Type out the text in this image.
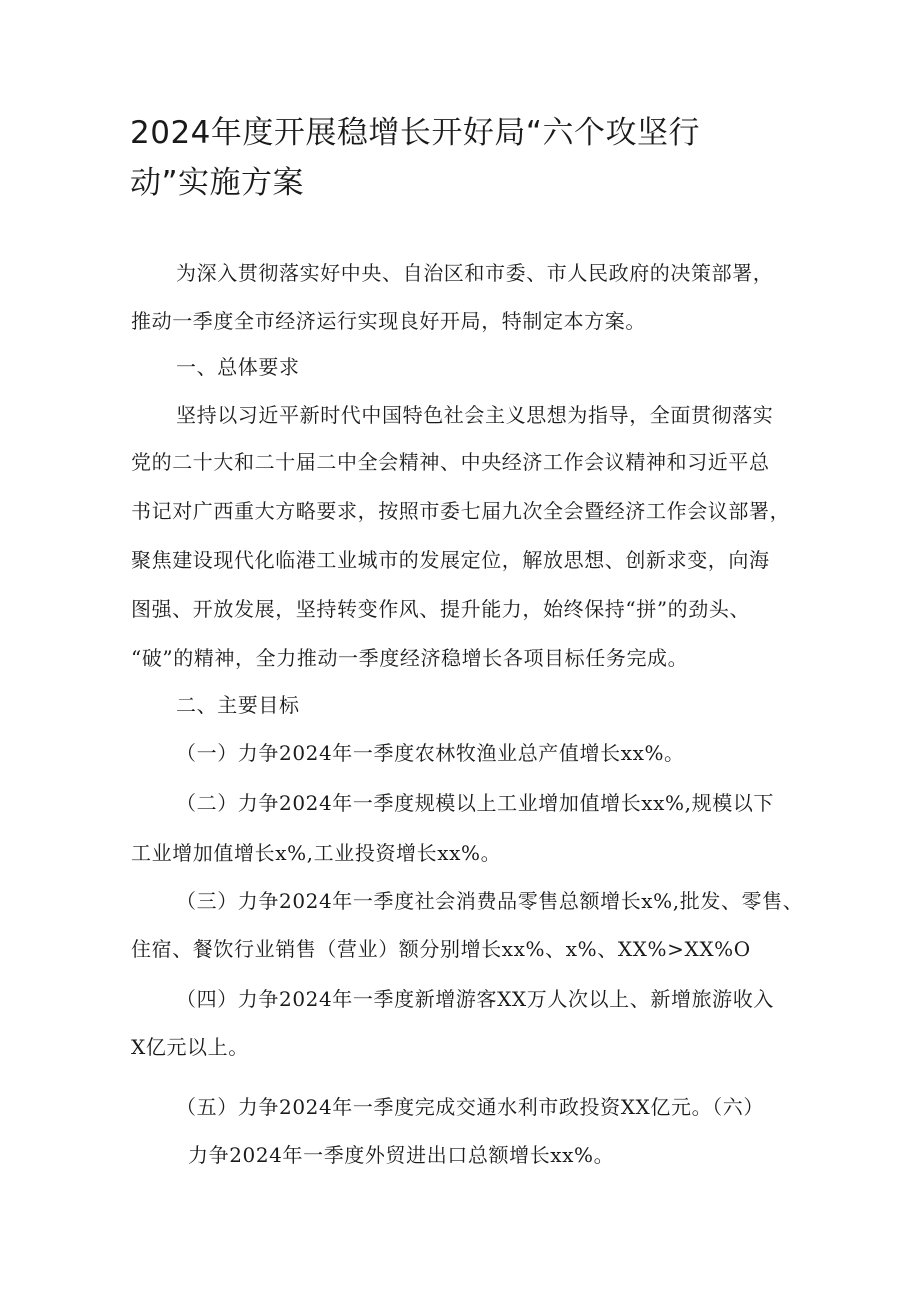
2024年度开展稳增长开好局“六个攻坚行
动”实施方案

为深入贯彻落实好中央、自治区和市委、市人民政府的决策部署，

推动一季度全市经济运行实现良好开局，特制定本方案。

一、总体要求

坚持以习近平新时代中国特色社会主义思想为指导，全面贯彻落实

党的二十大和二十届二中全会精神、中央经济工作会议精神和习近平总

书记对广西重大方略要求，按照市委七届九次全会暨经济工作会议部署，

聚焦建设现代化临港工业城市的发展定位，解放思想、创新求变，向海

图强、开放发展，坚持转变作风、提升能力，始终保持“拼”的劲头、

“破”的精神，全力推动一季度经济稳增长各项目标任务完成。

二、主要目标

（一）力争2024年一季度农林牧渔业总产值增长xx%。

（二）力争2024年一季度规模以上工业增加值增长xx%,规模以下

工业增加值增长x%,工业投资增长xx%。

（三）力争2024年一季度社会消费品零售总额增长x%,批发、零售、

住宿、餐饮行业销售（营业）额分别增长xx%、x%、XX%>XX%O

（四）力争2024年一季度新增游客XX万人次以上、新增旅游收入

X亿元以上。

（五）力争2024年一季度完成交通水利市政投资XX亿元。（六）

力争2024年一季度外贸进出口总额增长xx%。
